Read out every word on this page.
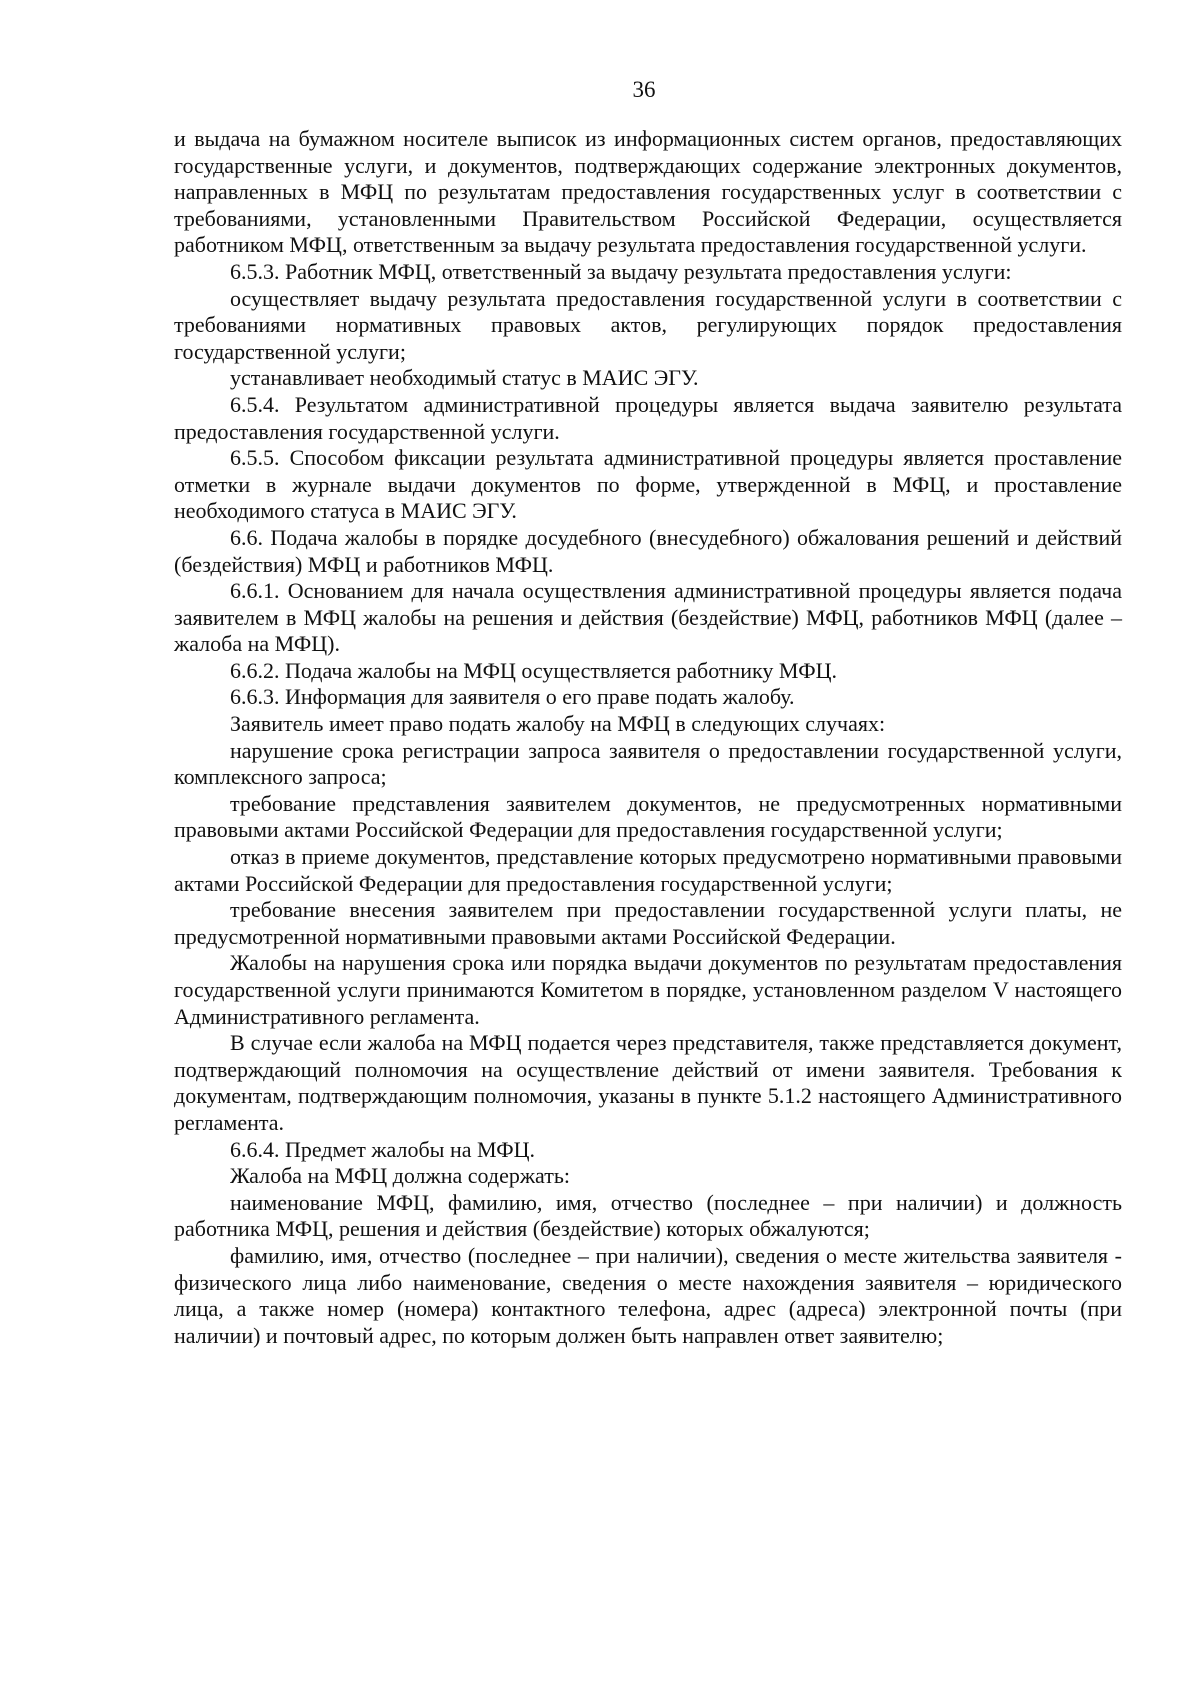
36

и выдача на бумажном носителе выписок из информационных систем органов, предоставляющих государственные услуги, и документов, подтверждающих содержание электронных документов, направленных в МФЦ по результатам предоставления государственных услуг в соответствии с требованиями, установленными Правительством Российской Федерации, осуществляется работником МФЦ, ответственным за выдачу результата предоставления государственной услуги.

6.5.3. Работник МФЦ, ответственный за выдачу результата предоставления услуги:

осуществляет выдачу результата предоставления государственной услуги в соответствии с требованиями нормативных правовых актов, регулирующих порядок предоставления государственной услуги;

устанавливает необходимый статус в МАИС ЭГУ.

6.5.4. Результатом административной процедуры является выдача заявителю результата предоставления государственной услуги.

6.5.5. Способом фиксации результата административной процедуры является проставление отметки в журнале выдачи документов по форме, утвержденной в МФЦ, и проставление необходимого статуса в МАИС ЭГУ.

6.6. Подача жалобы в порядке досудебного (внесудебного) обжалования решений и действий (бездействия) МФЦ и работников МФЦ.

6.6.1. Основанием для начала осуществления административной процедуры является подача заявителем в МФЦ жалобы на решения и действия (бездействие) МФЦ, работников МФЦ (далее – жалоба на МФЦ).

6.6.2. Подача жалобы на МФЦ осуществляется работнику МФЦ.

6.6.3. Информация для заявителя о его праве подать жалобу.

Заявитель имеет право подать жалобу на МФЦ в следующих случаях:

нарушение срока регистрации запроса заявителя о предоставлении государственной услуги, комплексного запроса;

требование представления заявителем документов, не предусмотренных нормативными правовыми актами Российской Федерации для предоставления государственной услуги;

отказ в приеме документов, представление которых предусмотрено нормативными правовыми актами Российской Федерации для предоставления государственной услуги;

требование внесения заявителем при предоставлении государственной услуги платы, не предусмотренной нормативными правовыми актами Российской Федерации.

Жалобы на нарушения срока или порядка выдачи документов по результатам предоставления государственной услуги принимаются Комитетом в порядке, установленном разделом V настоящего Административного регламента.

В случае если жалоба на МФЦ подается через представителя, также представляется документ, подтверждающий полномочия на осуществление действий от имени заявителя. Требования к документам, подтверждающим полномочия, указаны в пункте 5.1.2 настоящего Административного регламента.

6.6.4. Предмет жалобы на МФЦ.

Жалоба на МФЦ должна содержать:

наименование МФЦ, фамилию, имя, отчество (последнее – при наличии) и должность работника МФЦ, решения и действия (бездействие) которых обжалуются;

фамилию, имя, отчество (последнее – при наличии), сведения о месте жительства заявителя - физического лица либо наименование, сведения о месте нахождения заявителя – юридического лица, а также номер (номера) контактного телефона, адрес (адреса) электронной почты (при наличии) и почтовый адрес, по которым должен быть направлен ответ заявителю;
